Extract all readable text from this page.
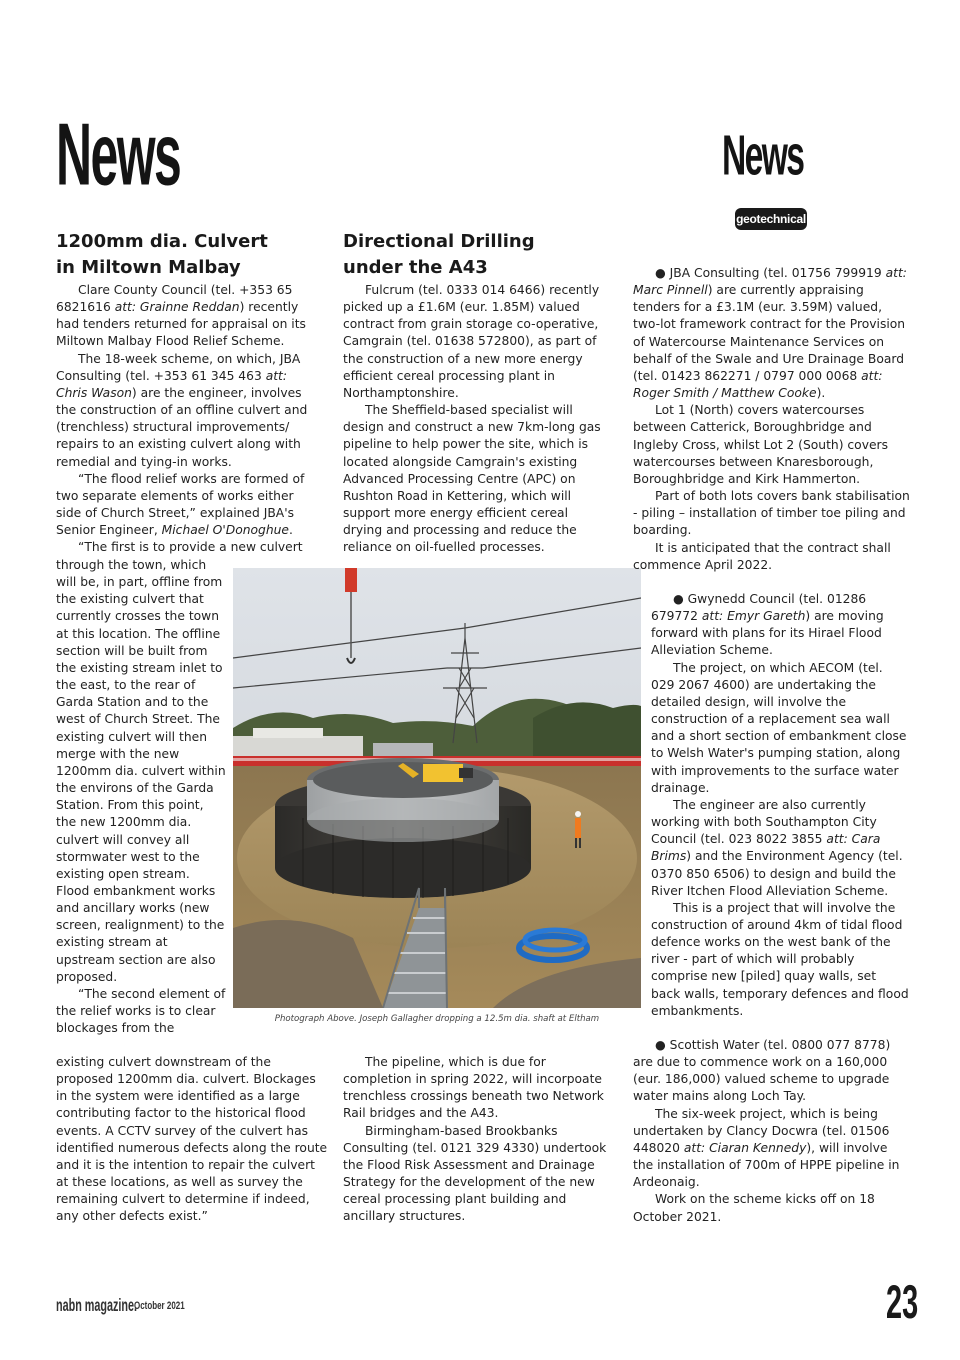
News	News
geotechnical
1200mm dia. Culvert
in Miltown Malbay

Clare County Council (tel. +353 65 6821616 att: Grainne Reddan) recently had tenders returned for appraisal on its Miltown Malbay Flood Relief Scheme.

The 18-week scheme, on which, JBA Consulting (tel. +353 61 345 463 att: Chris Wason) are the engineer, involves the construction of an offline culvert and (trenchless) structural improvements/ repairs to an existing culvert along with remedial and tying-in works.

“The flood relief works are formed of two separate elements of works either side of Church Street,” explained JBA's Senior Engineer, Michael O'Donoghue.

“The first is to provide a new culvert

through the town, which will be, in part, offline from the existing culvert that currently crosses the town at this location. The offline section will be built from the existing stream inlet to the east, to the rear of Garda Station and to the west of Church Street. The existing culvert will then merge with the new 1200mm dia. culvert within the environs of the Garda Station. From this point, the new 1200mm dia. culvert will convey all stormwater west to the existing open stream. Flood embankment works and ancillary works (new screen, realignment) to the existing stream at upstream section are also proposed.

“The second element of the relief works is to clear blockages from the

existing culvert downstream of the proposed 1200mm dia. culvert. Blockages in the system were identified as a large contributing factor to the historical flood events. A CCTV survey of the culvert has identified numerous defects along the route and it is the intention to repair the culvert at these locations, as well as survey the remaining culvert to determine if indeed, any other defects exist.”

Directional Drilling
under the A43

Fulcrum (tel. 0333 014 6466) recently picked up a £1.6M (eur. 1.85M) valued contract from grain storage co-operative, Camgrain (tel. 01638 572800), as part of the construction of a new more energy efficient cereal processing plant in Northamptonshire.

The Sheffield-based specialist will design and construct a new 7km-long gas pipeline to help power the site, which is located alongside Camgrain's existing Advanced Processing Centre (APC) on Rushton Road in Kettering, which will support more energy efficient cereal drying and processing and reduce the reliance on oil-fuelled processes.

The pipeline, which is due for completion in spring 2022, will incorpoate trenchless crossings beneath two Network Rail bridges and the A43.

Birmingham-based Brookbanks Consulting (tel. 0121 329 4330) undertook the Flood Risk Assessment and Drainage Strategy for the development of the new cereal processing plant building and ancillary structures.

Photograph Above. Joseph Gallagher dropping a 12.5m dia. shaft at Eltham

● JBA Consulting (tel. 01756 799919 att: Marc Pinnell) are currently appraising tenders for a £3.1M (eur. 3.59M) valued, two-lot framework contract for the Provision of Watercourse Maintenance Services on behalf of the Swale and Ure Drainage Board (tel. 01423 862271 / 0797 000 0068 att: Roger Smith / Matthew Cooke).

Lot 1 (North) covers watercourses between Catterick, Boroughbridge and Ingleby Cross, whilst Lot 2 (South) covers watercourses between Knaresborough, Boroughbridge and Kirk Hammerton.

Part of both lots covers bank stabilisation - piling – installation of timber toe piling and boarding.

It is anticipated that the contract shall commence April 2022.

● Gwynedd Council (tel. 01286 679772 att: Emyr Gareth) are moving forward with plans for its Hirael Flood Alleviation Scheme.

The project, on which AECOM (tel. 029 2067 4600) are undertaking the detailed design, will involve the construction of a replacement sea wall and a short section of embankment close to Welsh Water's pumping station, along with improvements to the surface water drainage.

The engineer are also currently working with both Southampton City Council (tel. 023 8022 3855 att: Cara Brims) and the Environment Agency (tel. 0370 850 6506) to design and build the River Itchen Flood Alleviation Scheme.

This is a project that will involve the construction of around 4km of tidal flood defence works on the west bank of the river - part of which will probably comprise new [piled] quay walls, set back walls, temporary defences and flood embankments.

● Scottish Water (tel. 0800 077 8778) are due to commence work on a 160,000 (eur. 186,000) valued scheme to upgrade water mains along Loch Tay.

The six-week project, which is being undertaken by Clancy Docwra (tel. 01506 448020 att: Ciaran Kennedy), will involve the installation of 700m of HPPE pipeline in Ardeonaig.

Work on the scheme kicks off on 18 October 2021.

nabn magazine.
October 2021	23
